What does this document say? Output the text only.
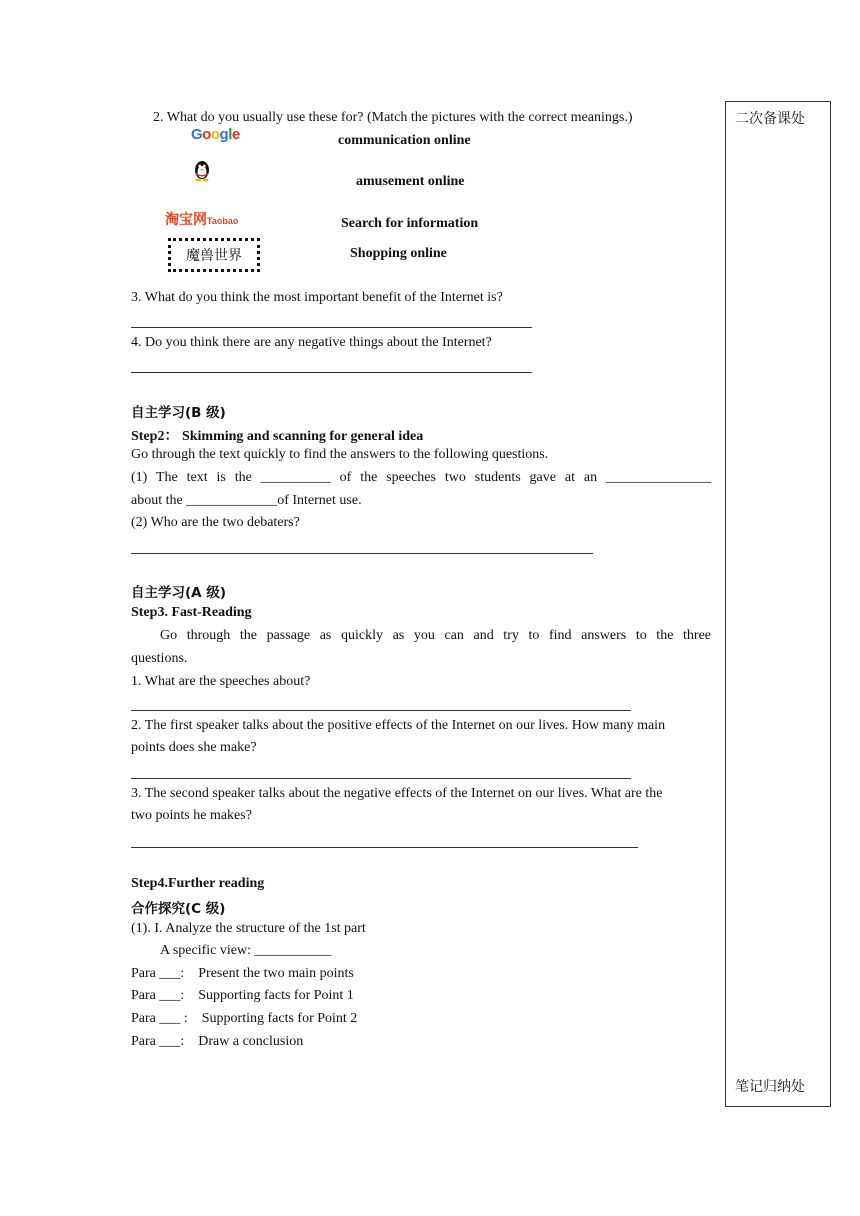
二次备课处
笔记归纳处
2. What do you usually use these for? (Match the pictures with the correct meanings.)
Google
淘宝网Taobao
魔兽世界
communication online
amusement online
Search for information
Shopping online
3. What do you think the most important benefit of the Internet is?
4. Do you think there are any negative things about the Internet?
自主学习(B 级)
Step2： Skimming and scanning for general idea
Go through the text quickly to find the answers to the following questions.
(1) The text is the __________ of the speeches two students gave at an _______________
about the _____________of Internet use.
(2) Who are the two debaters?
自主学习(A 级)
Step3. Fast-Reading
Go through the passage as quickly as you can and try to find answers to the three
questions.
1. What are the speeches about?
2. The first speaker talks about the positive effects of the Internet on our lives. How many main
points does she make?
3. The second speaker talks about the negative effects of the Internet on our lives. What are the
two points he makes?
Step4.Further reading
合作探究(C 级)
(1). I. Analyze the structure of the 1st part
A specific view: ___________
Para ___:    Present the two main points
Para ___:    Supporting facts for Point 1
Para ___ :    Supporting facts for Point 2
Para ___:    Draw a conclusion
